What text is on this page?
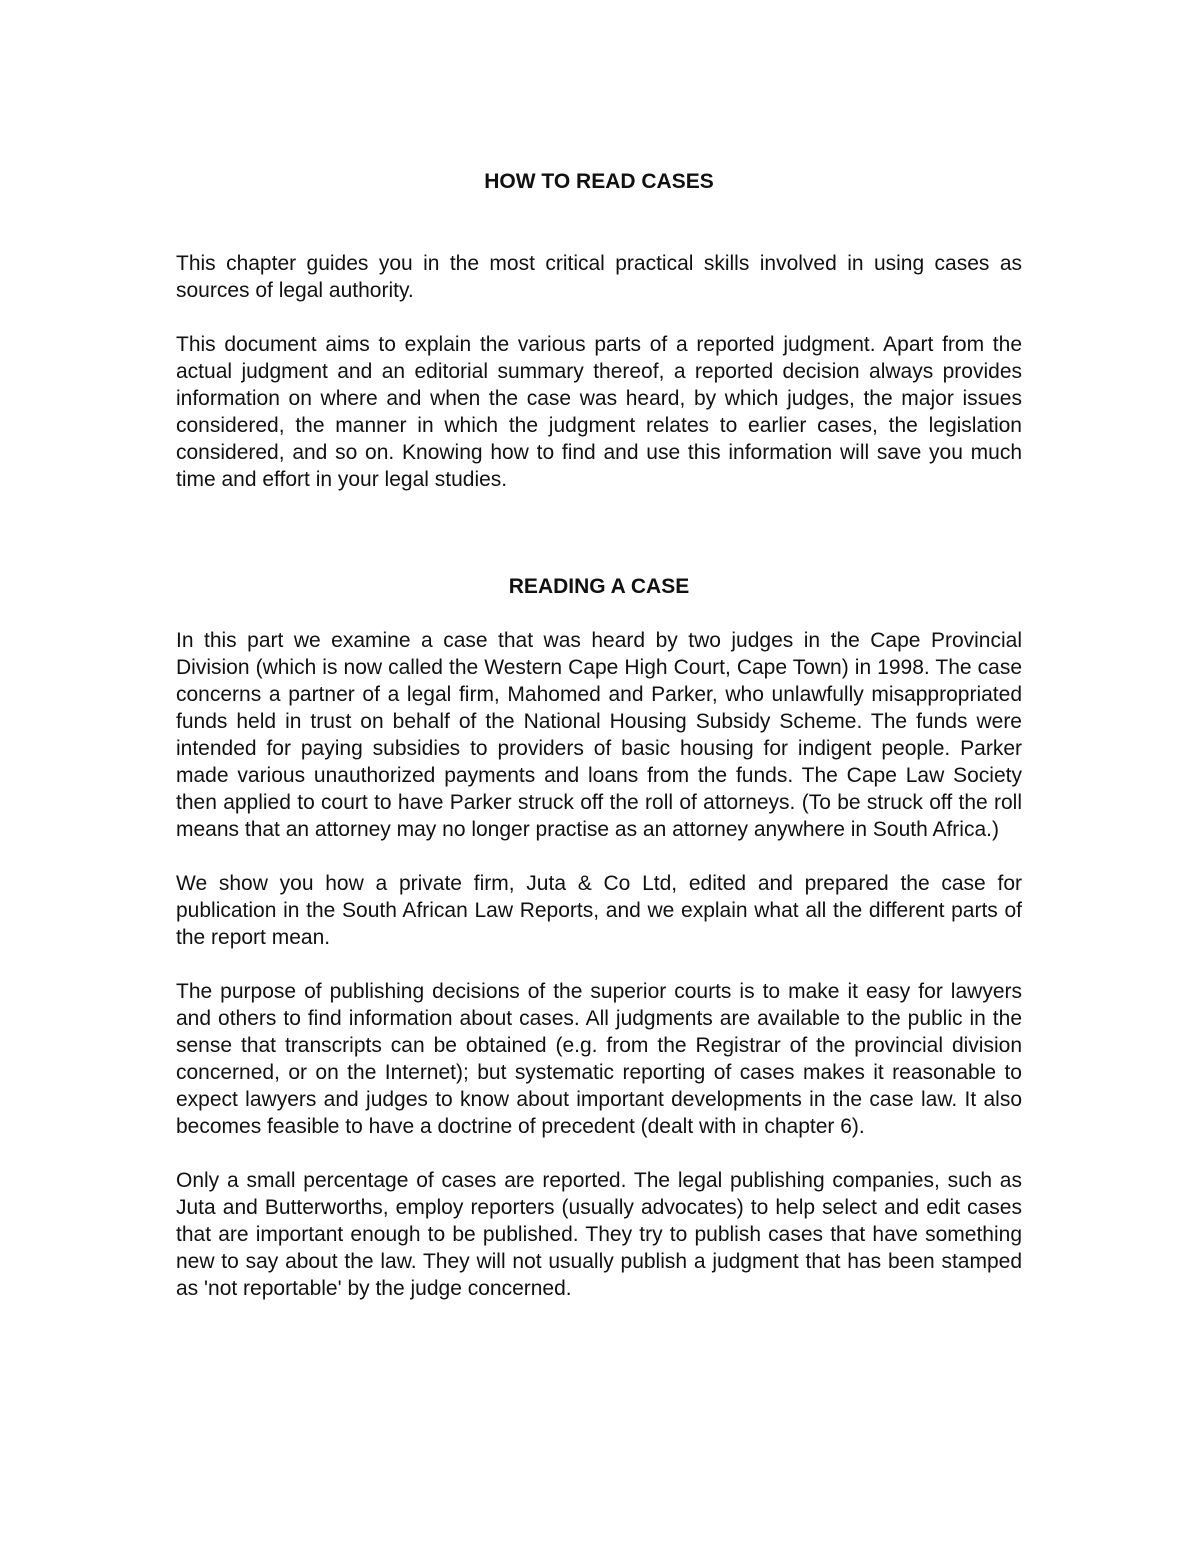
HOW TO READ CASES

This chapter guides you in the most critical practical skills involved in using cases as sources of legal authority.

This document aims to explain the various parts of a reported judgment. Apart from the actual judgment and an editorial summary thereof, a reported decision always provides information on where and when the case was heard, by which judges, the major issues considered, the manner in which the judgment relates to earlier cases, the legislation considered, and so on. Knowing how to find and use this information will save you much time and effort in your legal studies.

READING A CASE

In this part we examine a case that was heard by two judges in the Cape Provincial Division (which is now called the Western Cape High Court, Cape Town) in 1998. The case concerns a partner of a legal firm, Mahomed and Parker, who unlawfully misappropriated funds held in trust on behalf of the National Housing Subsidy Scheme. The funds were intended for paying subsidies to providers of basic housing for indigent people. Parker made various unauthorized payments and loans from the funds. The Cape Law Society then applied to court to have Parker struck off the roll of attorneys. (To be struck off the roll means that an attorney may no longer practise as an attorney anywhere in South Africa.)

We show you how a private firm, Juta & Co Ltd, edited and prepared the case for publication in the South African Law Reports, and we explain what all the different parts of the report mean.

The purpose of publishing decisions of the superior courts is to make it easy for lawyers and others to find information about cases. All judgments are available to the public in the sense that transcripts can be obtained (e.g. from the Registrar of the provincial division concerned, or on the Internet); but systematic reporting of cases makes it reasonable to expect lawyers and judges to know about important developments in the case law. It also becomes feasible to have a doctrine of precedent (dealt with in chapter 6).

Only a small percentage of cases are reported. The legal publishing companies, such as Juta and Butterworths, employ reporters (usually advocates) to help select and edit cases that are important enough to be published. They try to publish cases that have something new to say about the law. They will not usually publish a judgment that has been stamped as 'not reportable' by the judge concerned.
